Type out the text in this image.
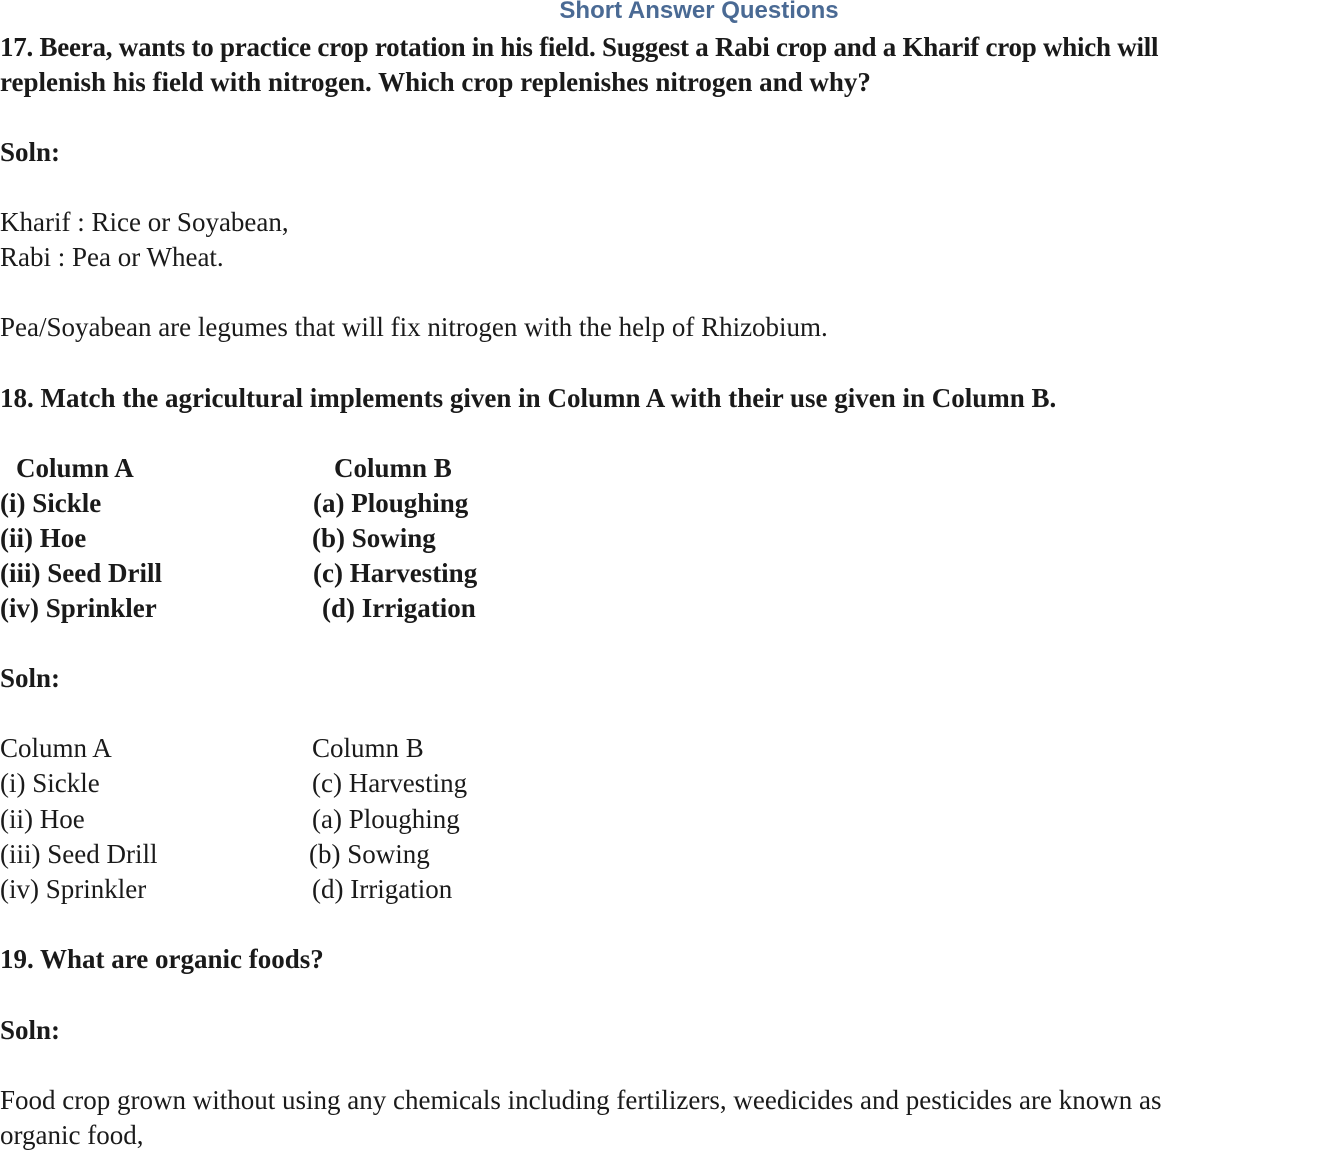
Short Answer Questions
17. Beera, wants to practice crop rotation in his field. Suggest a Rabi crop and a Kharif crop which will
replenish his field with nitrogen. Which crop replenishes nitrogen and why?
Soln:
Kharif : Rice or Soyabean,
Rabi : Pea or Wheat.
Pea/Soyabean are legumes that will fix nitrogen with the help of Rhizobium.
18. Match the agricultural implements given in Column A with their use given in Column B.
Column A	Column B
(i) Sickle	(a) Ploughing
(ii) Hoe	(b) Sowing
(iii) Seed Drill	(c) Harvesting
(iv) Sprinkler	(d) Irrigation
Soln:
Column A	Column B
(i) Sickle	(c) Harvesting
(ii) Hoe	(a) Ploughing
(iii) Seed Drill	(b) Sowing
(iv) Sprinkler	(d) Irrigation
19. What are organic foods?
Soln:
Food crop grown without using any chemicals including fertilizers, weedicides and pesticides are known as
organic food,
